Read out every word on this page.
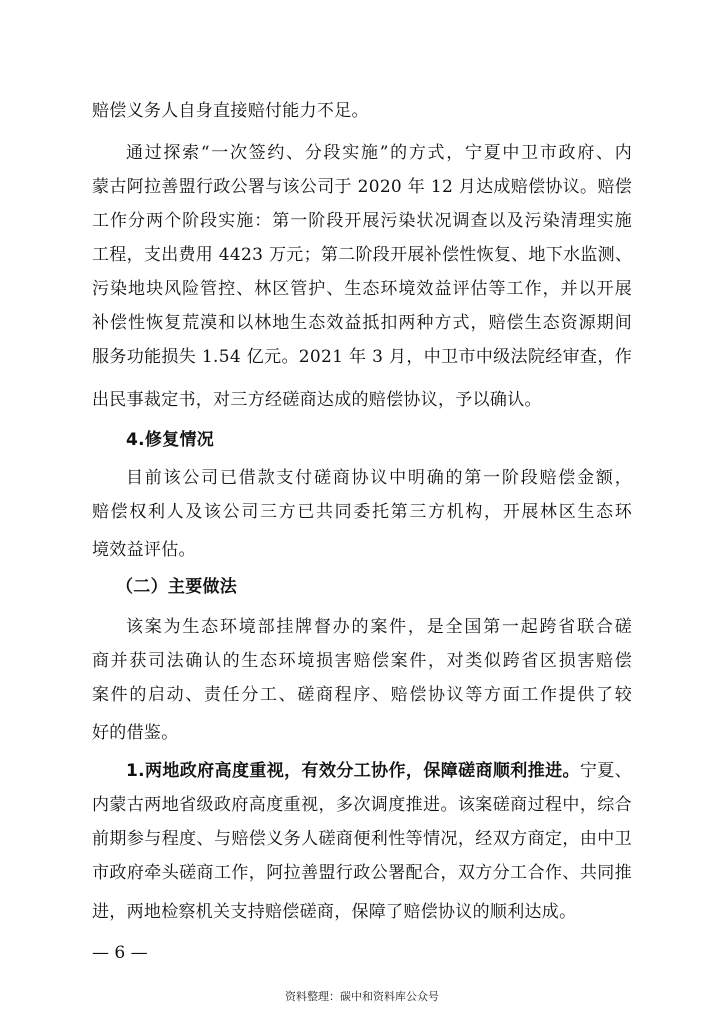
赔偿义务人自身直接赔付能力不足。
通过探索“一次签约、分段实施”的方式，宁夏中卫市政府、内
蒙古阿拉善盟行政公署与该公司于 2020 年 12 月达成赔偿协议。赔偿
工作分两个阶段实施：第一阶段开展污染状况调查以及污染清理实施
工程，支出费用 4423 万元；第二阶段开展补偿性恢复、地下水监测、
污染地块风险管控、林区管护、生态环境效益评估等工作，并以开展
补偿性恢复荒漠和以林地生态效益抵扣两种方式，赔偿生态资源期间
服务功能损失 1.54 亿元。2021 年 3 月，中卫市中级法院经审查，作
出民事裁定书，对三方经磋商达成的赔偿协议，予以确认。
4.修复情况
目前该公司已借款支付磋商协议中明确的第一阶段赔偿金额，
赔偿权利人及该公司三方已共同委托第三方机构，开展林区生态环
境效益评估。
（二）主要做法
该案为生态环境部挂牌督办的案件，是全国第一起跨省联合磋
商并获司法确认的生态环境损害赔偿案件，对类似跨省区损害赔偿
案件的启动、责任分工、磋商程序、赔偿协议等方面工作提供了较
好的借鉴。
1.两地政府高度重视，有效分工协作，保障磋商顺利推进。宁夏、
内蒙古两地省级政府高度重视，多次调度推进。该案磋商过程中，综合
前期参与程度、与赔偿义务人磋商便利性等情况，经双方商定，由中卫
市政府牵头磋商工作，阿拉善盟行政公署配合，双方分工合作、共同推
进，两地检察机关支持赔偿磋商，保障了赔偿协议的顺利达成。
— 6 —
资料整理：碳中和资料库公众号
